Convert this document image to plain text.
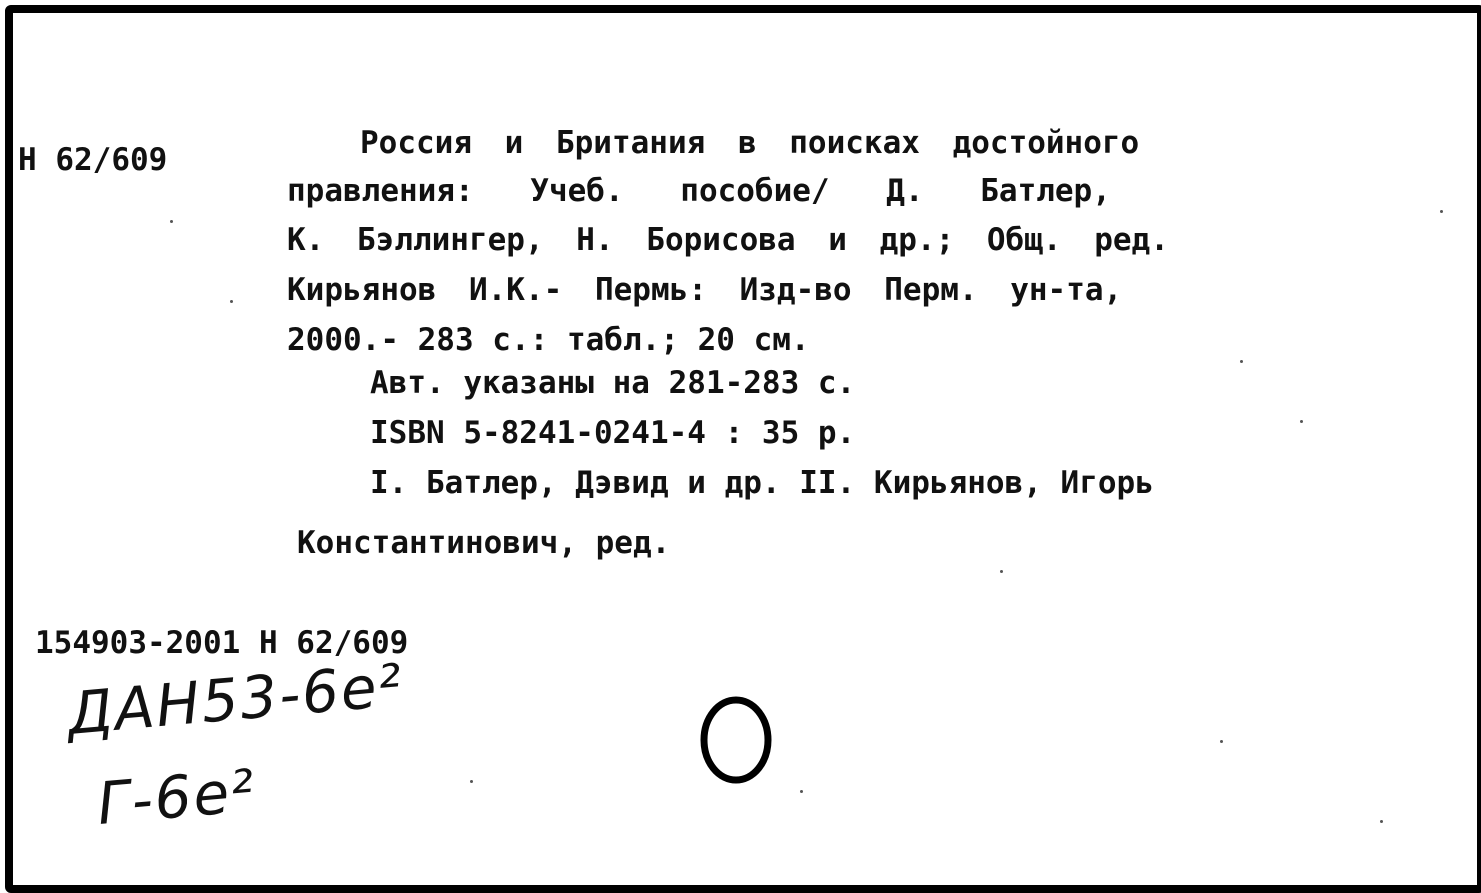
Н 62/609	Россия и Британия в поисках достойного
правления: Учеб. пособие/ Д. Батлер,
К. Бэллингер, Н. Борисова и др.; Общ. ред.
Кирьянов И.К.- Пермь: Изд-во Перм. ун-та,
2000.- 283 с.: табл.; 20 см.
Авт. указаны на 281-283 с.
ISBN 5-8241-0241-4 : 35 р.
I. Батлер, Дэвид и др. II. Кирьянов, Игорь
Константинович, ред.
154903-2001 Н 62/609
ДАН53-6е²
Г-6е²
